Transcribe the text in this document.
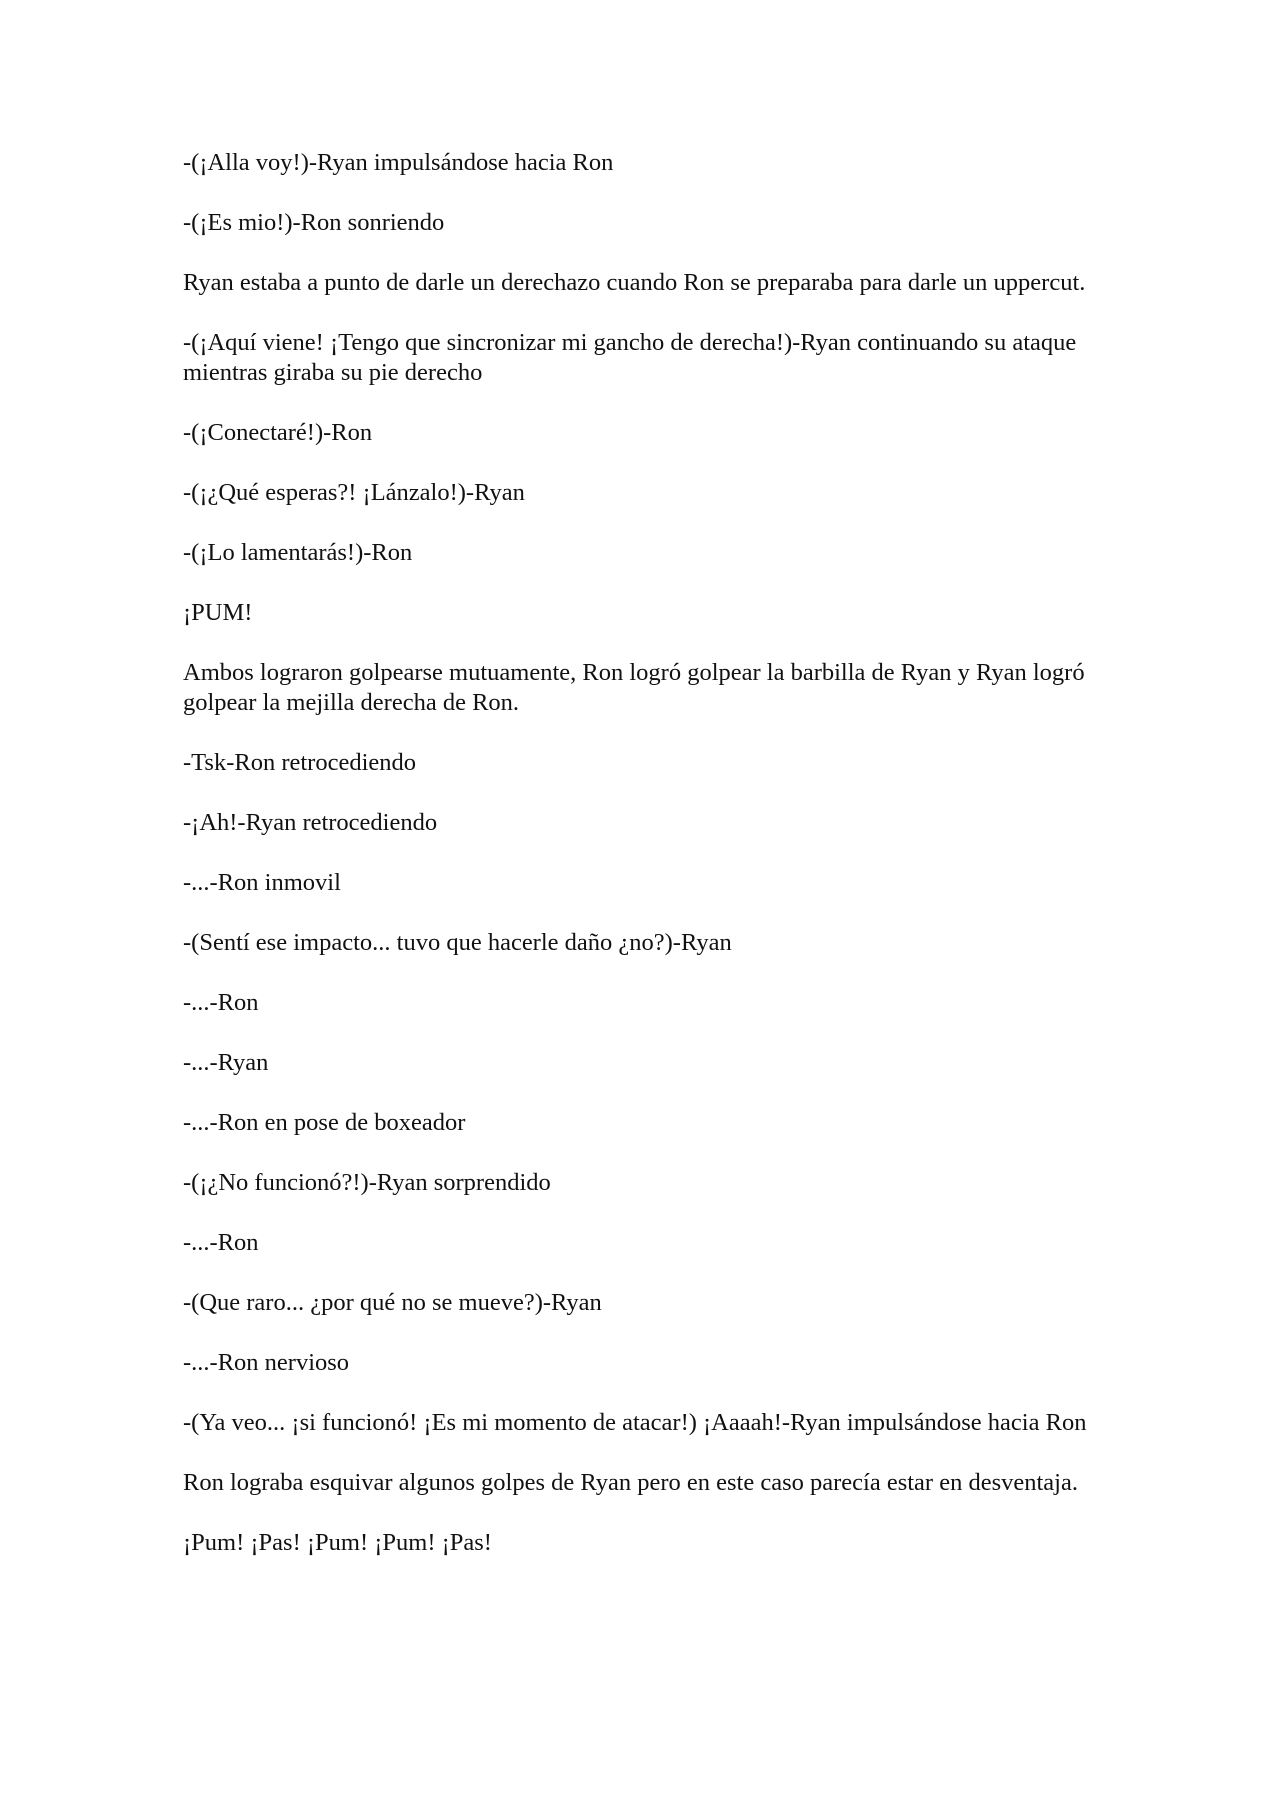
-(¡Alla voy!)-Ryan impulsándose hacia Ron

-(¡Es mio!)-Ron sonriendo

Ryan estaba a punto de darle un derechazo cuando Ron se preparaba para darle un uppercut.

-(¡Aquí viene! ¡Tengo que sincronizar mi gancho de derecha!)-Ryan continuando su ataque mientras giraba su pie derecho

-(¡Conectaré!)-Ron

-(¡¿Qué esperas?! ¡Lánzalo!)-Ryan

-(¡Lo lamentarás!)-Ron

¡PUM!

Ambos lograron golpearse mutuamente, Ron logró golpear la barbilla de Ryan y Ryan logró golpear la mejilla derecha de Ron.

-Tsk-Ron retrocediendo

-¡Ah!-Ryan retrocediendo

-...-Ron inmovil

-(Sentí ese impacto... tuvo que hacerle daño ¿no?)-Ryan

-...-Ron

-...-Ryan

-...-Ron en pose de boxeador

-(¡¿No funcionó?!)-Ryan sorprendido

-...-Ron

-(Que raro... ¿por qué no se mueve?)-Ryan

-...-Ron nervioso

-(Ya veo... ¡si funcionó! ¡Es mi momento de atacar!) ¡Aaaah!-Ryan impulsándose hacia Ron

Ron lograba esquivar algunos golpes de Ryan pero en este caso parecía estar en desventaja.

¡Pum! ¡Pas! ¡Pum! ¡Pum! ¡Pas!
